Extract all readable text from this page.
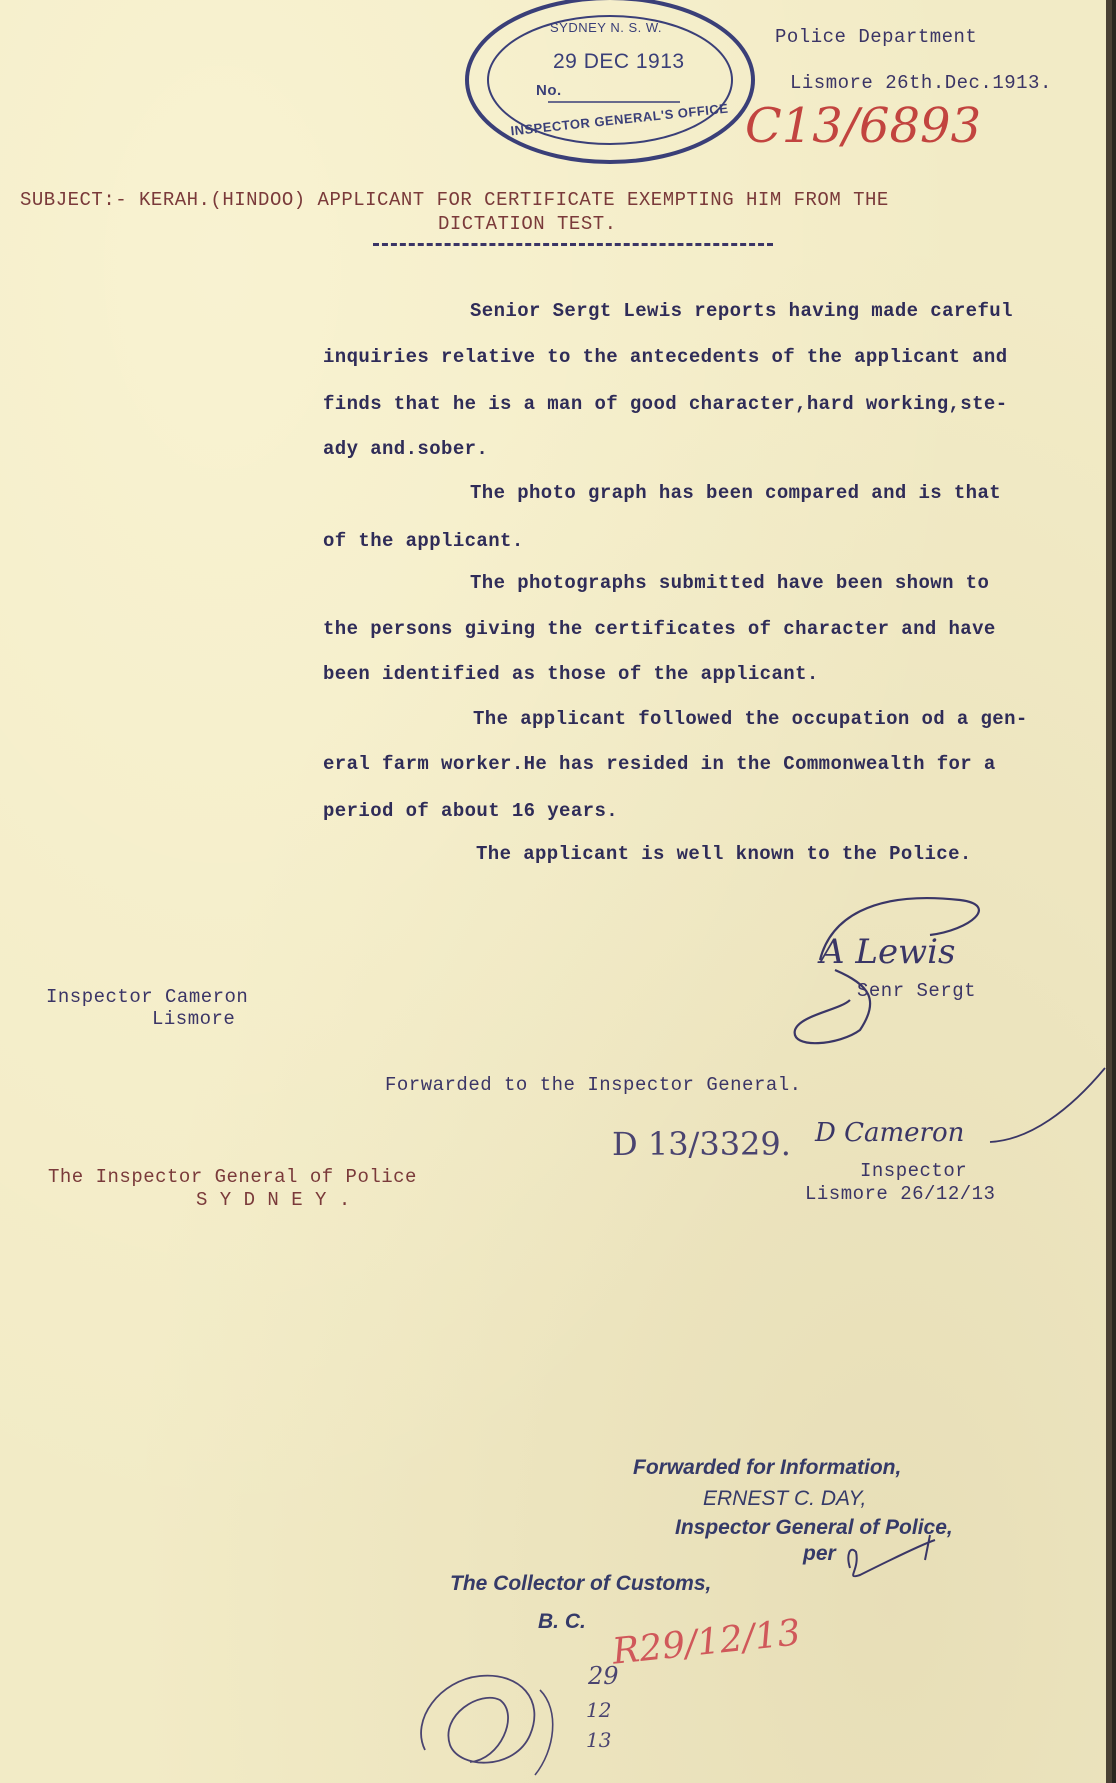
SYDNEY N. S. W.
29 DEC 1913
No.
INSPECTOR GENERAL'S OFFICE
Police Department
Lismore 26th.Dec.1913.
C13/6893
SUBJECT:- KERAH.(HINDOO) APPLICANT FOR CERTIFICATE EXEMPTING HIM FROM THE
DICTATION TEST.
Senior Sergt Lewis reports having made careful
inquiries relative to the antecedents of the applicant and
finds that he is a man of good character,hard working,ste-
ady and.sober.
The photo graph has been compared and is that
of the applicant.
The photographs submitted have been shown to
the persons giving the certificates of character and have
been identified as those of the applicant.
The applicant followed the occupation od a gen-
eral farm worker.He has resided in the Commonwealth for a
period of about 16 years.
The applicant is well known to the Police.
A Lewis
Senr Sergt
Inspector Cameron
Lismore
Forwarded to the Inspector General.
D 13/3329. D Cameron
Inspector
Lismore 26/12/13
The Inspector General of Police
S Y D N E Y .
Forwarded for Information,
ERNEST C. DAY,
Inspector General of Police,
per
The Collector of Customs,
B. C. R29/12/13
29
12
13
